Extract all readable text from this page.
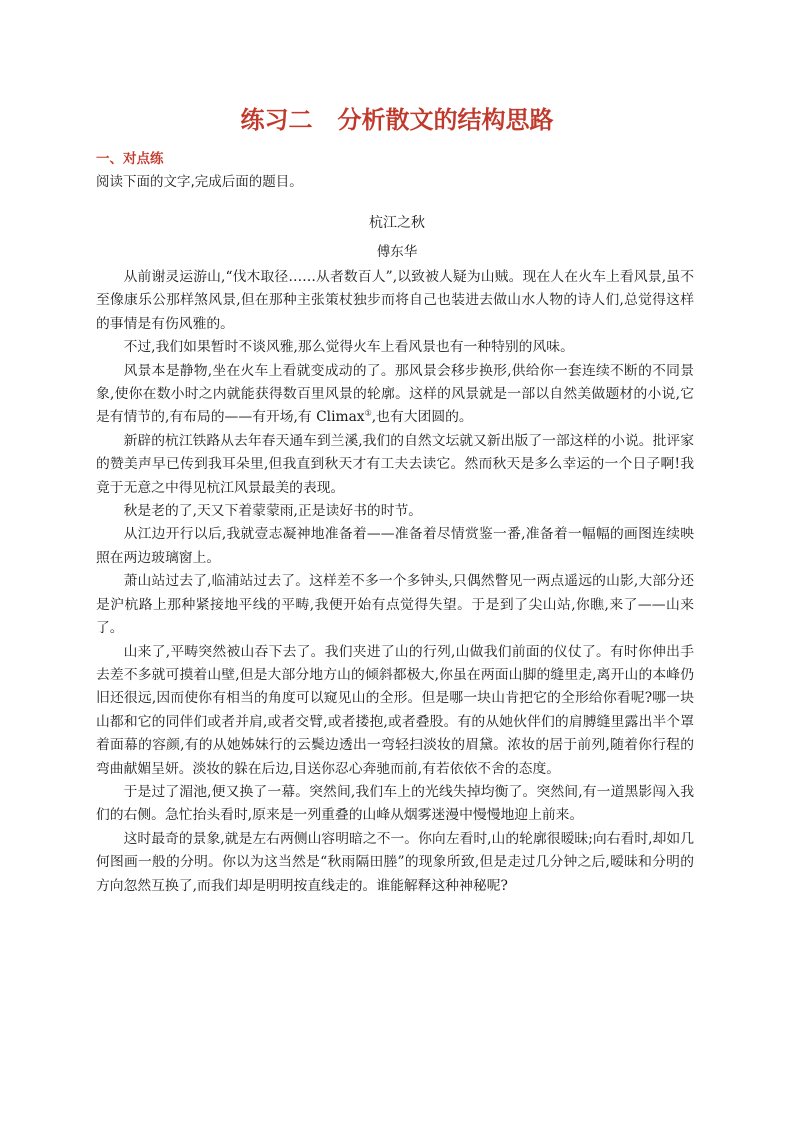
练习二   分析散文的结构思路
一、对点练
阅读下面的文字,完成后面的题目。
杭江之秋
傅东华

从前谢灵运游山,“伐木取径……从者数百人”,以致被人疑为山贼。现在人在火车上看风景,虽不至像康乐公那样煞风景,但在那种主张策杖独步而将自己也装进去做山水人物的诗人们,总觉得这样的事情是有伤风雅的。

不过,我们如果暂时不谈风雅,那么觉得火车上看风景也有一种特别的风味。

风景本是静物,坐在火车上看就变成动的了。那风景会移步换形,供给你一套连续不断的不同景象,使你在数小时之内就能获得数百里风景的轮廓。这样的风景就是一部以自然美做题材的小说,它是有情节的,有布局的——有开场,有 Climax①,也有大团圆的。

新辟的杭江铁路从去年春天通车到兰溪,我们的自然文坛就又新出版了一部这样的小说。批评家的赞美声早已传到我耳朵里,但我直到秋天才有工夫去读它。然而秋天是多么幸运的一个日子啊!我竟于无意之中得见杭江风景最美的表现。

秋是老的了,天又下着蒙蒙雨,正是读好书的时节。

从江边开行以后,我就壹志凝神地准备着——准备着尽情赏鉴一番,准备着一幅幅的画图连续映照在两边玻璃窗上。

萧山站过去了,临浦站过去了。这样差不多一个多钟头,只偶然瞥见一两点遥远的山影,大部分还是沪杭路上那种紧接地平线的平畴,我便开始有点觉得失望。于是到了尖山站,你瞧,来了——山来了。

山来了,平畴突然被山吞下去了。我们夹进了山的行列,山做我们前面的仪仗了。有时你伸出手去差不多就可摸着山壁,但是大部分地方山的倾斜都极大,你虽在两面山脚的缝里走,离开山的本峰仍旧还很远,因而使你有相当的角度可以窥见山的全形。但是哪一块山肯把它的全形给你看呢?哪一块山都和它的同伴们或者并肩,或者交臂,或者搂抱,或者叠股。有的从她伙伴们的肩膊缝里露出半个罩着面幕的容颜,有的从她姊妹行的云鬓边透出一弯轻扫淡妆的眉黛。浓妆的居于前列,随着你行程的弯曲献媚呈妍。淡妆的躲在后边,目送你忍心奔驰而前,有若依依不舍的态度。

于是过了湄池,便又换了一幕。突然间,我们车上的光线失掉均衡了。突然间,有一道黑影闯入我们的右侧。急忙抬头看时,原来是一列重叠的山峰从烟雾迷漫中慢慢地迎上前来。

这时最奇的景象,就是左右两侧山容明暗之不一。你向左看时,山的轮廓很暧昧;向右看时,却如几何图画一般的分明。你以为这当然是“秋雨隔田塍”的现象所致,但是走过几分钟之后,暧昧和分明的方向忽然互换了,而我们却是明明按直线走的。谁能解释这种神秘呢?
